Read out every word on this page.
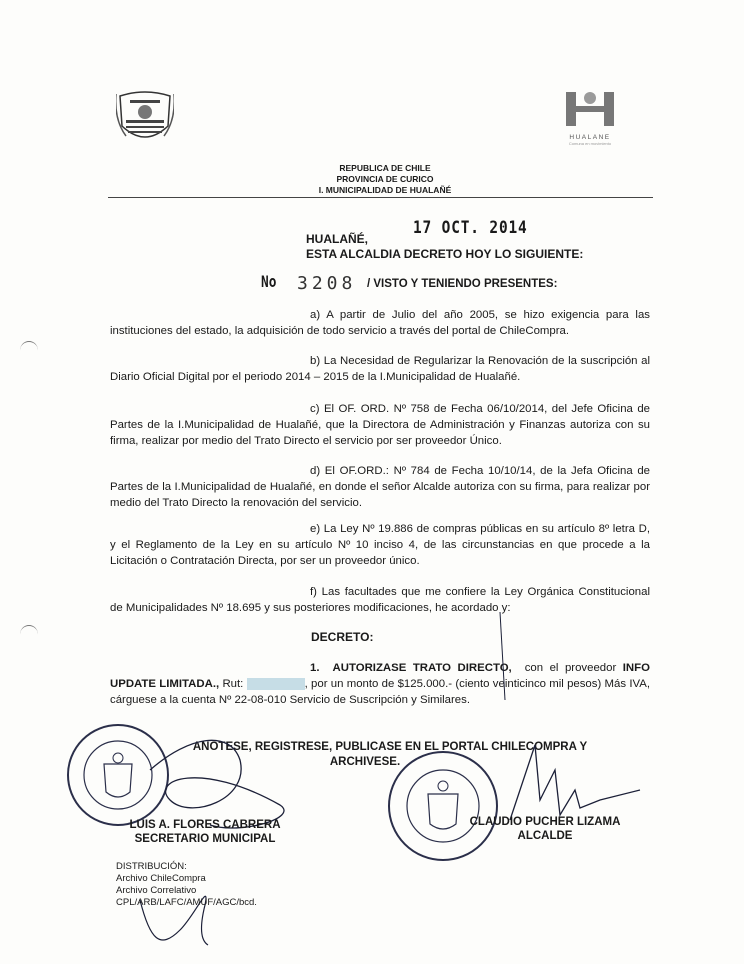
HUALANE
Comuna en movimiento
REPUBLICA DE CHILE
PROVINCIA DE CURICO
I. MUNICIPALIDAD DE HUALAÑÉ
17 OCT. 2014
HUALAÑÉ,
ESTA ALCALDIA DECRETO HOY LO SIGUIENTE:
No 3208 / VISTO Y TENIENDO PRESENTES:
a) A partir de Julio del año 2005, se hizo exigencia para las instituciones del estado, la adquisición de todo servicio a través del portal de ChileCompra.
b) La Necesidad de Regularizar la Renovación de la suscripción al Diario Oficial Digital por el periodo 2014 – 2015 de la I.Municipalidad de Hualañé.
c) El OF. ORD. Nº 758 de Fecha 06/10/2014, del Jefe Oficina de Partes de la I.Municipalidad de Hualañé, que la Directora de Administración y Finanzas autoriza con su firma, realizar por medio del Trato Directo el servicio por ser proveedor Único.
d) El OF.ORD.: Nº 784 de Fecha 10/10/14, de la Jefa Oficina de Partes de la I.Municipalidad de Hualañé, en donde el señor Alcalde autoriza con su firma, para realizar por medio del Trato Directo la renovación del servicio.
e) La Ley Nº 19.886 de compras públicas en su artículo 8º letra D, y el Reglamento de la Ley en su artículo Nº 10 inciso 4, de las circunstancias en que procede a la Licitación o Contratación Directa, por ser un proveedor único.
f) Las facultades que me confiere la Ley Orgánica Constitucional de Municipalidades Nº 18.695 y sus posteriores modificaciones, he acordado y:
DECRETO:
1. AUTORIZASE TRATO DIRECTO, con el proveedor INFO UPDATE LIMITADA., Rut:	, por un monto de $125.000.- (ciento veinticinco mil pesos) Más IVA, cárguese a la cuenta Nº 22-08-010 Servicio de Suscripción y Similares.
ANOTESE, REGISTRESE, PUBLICASE EN EL PORTAL CHILECOMPRA Y
ARCHIVESE.
LUIS A. FLORES CABRERA
SECRETARIO MUNICIPAL
CLAUDIO PUCHER LIZAMA
ALCALDE
DISTRIBUCIÓN:
Archivo ChileCompra
Archivo Correlativo
CPL/ARB/LAFC/AMUF/AGC/bcd.
